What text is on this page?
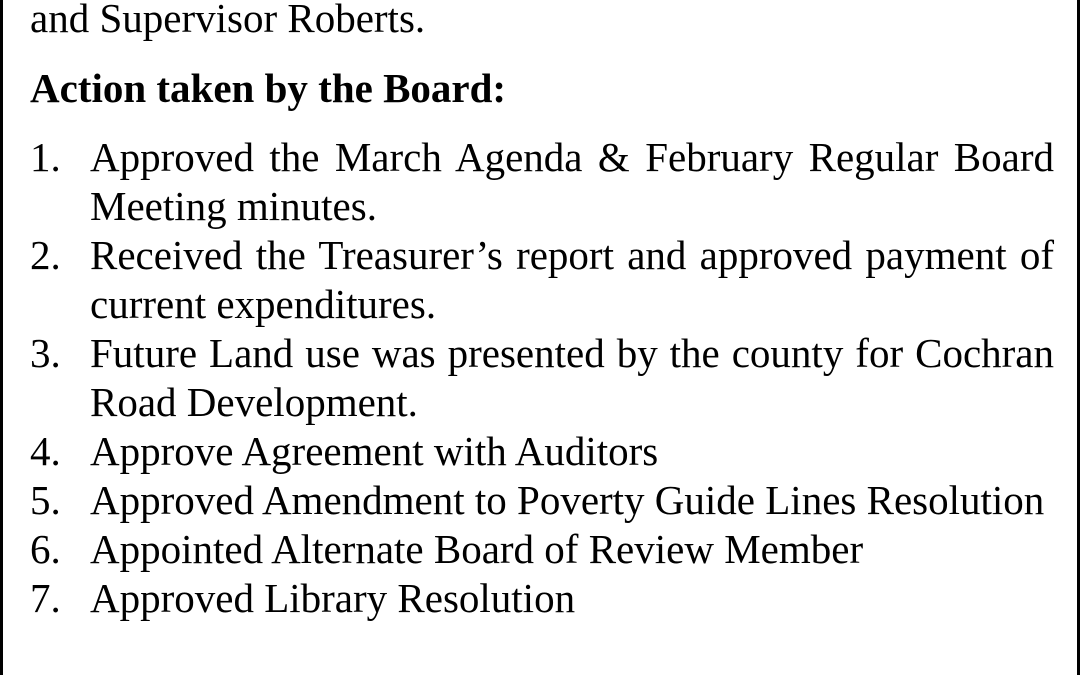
and Supervisor Roberts.
Action taken by the Board:
1. Approved the March Agenda & February Regular Board Meeting minutes.
2. Received the Treasurer’s report and approved payment of current expenditures.
3. Future Land use was presented by the county for Cochran Road Development.
4. Approve Agreement with Auditors
5. Approved Amendment to Poverty Guide Lines Resolution
6. Appointed Alternate Board of Review Member
7. Approved Library Resolution
